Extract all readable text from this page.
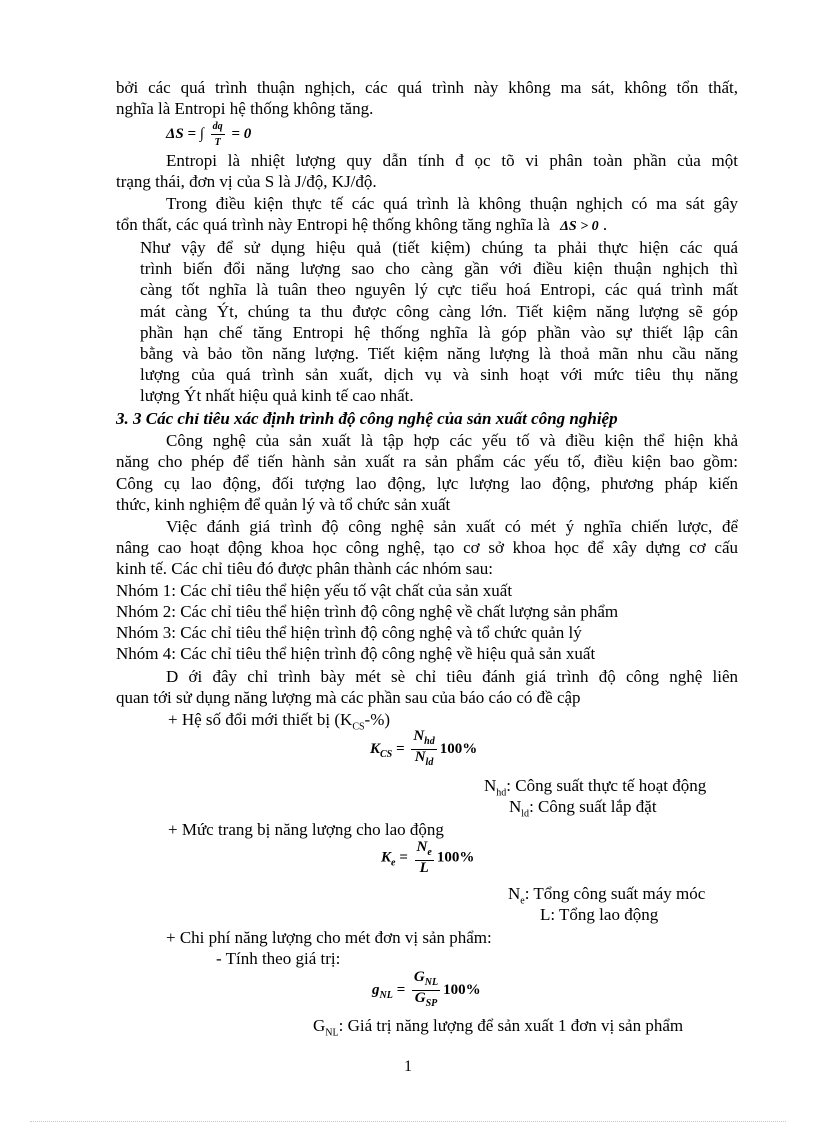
bởi các quá trình thuận nghịch, các quá trình này không ma sát, không tổn thất,
nghĩa là Entropi hệ thống không tăng.
ΔS = ∫ $\frac{dq}{T} = 0$
Entropi là nhiệt lượng quy dẫn tính đ ọc tõ vi phân toàn phần của một
trạng thái, đơn vị của S là J/độ, KJ/độ.
Trong điều kiện thực tế các quá trình là không thuận nghịch có ma sát gây
tổn thất, các quá trình này Entropi hệ thống không tăng nghĩa là ΔS > 0 .
Như vậy để sử dụng hiệu quả (tiết kiệm) chúng ta phải thực hiện các quá
trình biến đổi năng lượng sao cho càng gần với điều kiện thuận nghịch thì
càng tốt nghĩa là tuân theo nguyên lý cực tiểu hoá Entropi, các quá trình mất
mát càng Ýt, chúng ta thu được công càng lớn. Tiết kiệm năng lượng sẽ góp
phần hạn chế tăng Entropi hệ thống nghĩa là góp phần vào sự thiết lập cân
bằng và bảo tồn năng lượng. Tiết kiệm năng lượng là thoả mãn nhu cầu năng
lượng của quá trình sản xuất, dịch vụ và sinh hoạt với mức tiêu thụ năng
lượng Ýt nhất hiệu quả kinh tế cao nhất.
3. 3 Các chỉ tiêu xác định trình độ công nghệ của sản xuất công nghiệp
Công nghệ của sản xuất là tập hợp các yếu tố và điều kiện thể hiện khả
năng cho phép để tiến hành sản xuất ra sản phẩm các yếu tố, điều kiện bao gồm:
Công cụ lao động, đối tượng lao động, lực lượng lao động, phương pháp kiến
thức, kinh nghiệm để quản lý và tổ chức sản xuất
Việc đánh giá trình độ công nghệ sản xuất có mét ý nghĩa chiến lược, để
nâng cao hoạt động khoa học công nghệ, tạo cơ sở khoa học để xây dựng cơ cấu
kinh tế. Các chỉ tiêu đó được phân thành các nhóm sau:
Nhóm 1: Các chỉ tiêu thể hiện yếu tố vật chất của sản xuất
Nhóm 2: Các chỉ tiêu thể hiện trình độ công nghệ về chất lượng sản phẩm
Nhóm 3: Các chỉ tiêu thể hiện trình độ công nghệ và tổ chức quản lý
Nhóm 4: Các chỉ tiêu thể hiện trình độ công nghệ về hiệu quả sản xuất
D ới đây chỉ trình bày mét sè chỉ tiêu đánh giá trình độ công nghệ liên
quan tới sử dụng năng lượng mà các phần sau của báo cáo có đề cập
+ Hệ số đổi mới thiết bị $(K_{CS}-\%)$
$K_{CS} = \frac{N_{hd}}{N_{ld}} 100\%$
$N_{hd}$: Công suất thực tế hoạt động
$N_{ld}$: Công suất lắp đặt
+ Mức trang bị năng lượng cho lao động
$K_e = \frac{N_e}{L} 100\%$
$N_e$: Tổng công suất máy móc
L: Tổng lao động
+ Chi phí năng lượng cho mét đơn vị sản phẩm:
- Tính theo giá trị:
$g_{NL} = \frac{G_{NL}}{G_{SP}} 100\%$
$G_{NL}$: Giá trị năng lượng để sản xuất 1 đơn vị sản phẩm
1
